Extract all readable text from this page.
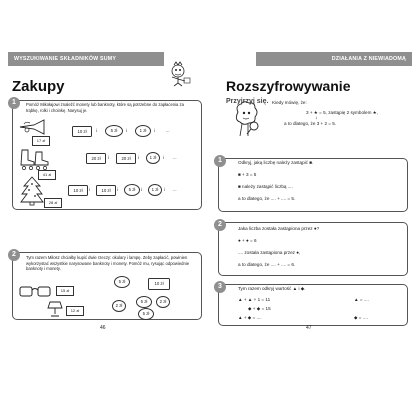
WYSZUKIWANIE SKŁADNIKÓW SUMY
Zakupy
1	Pomóż Mikołajowi znaleźć monety lub banknoty, które są potrzebne do zapłacenia za trąbkę, rolki i choinkę. Narysuj je.
17 zł
10 zł	i	5 zł	i	1 zł	i	...
41 zł
20 zł	i	20 zł	i	1 zł	i ...
28 zł
10 zł	i	10 zł	i	5 zł	i	1 zł	i ...
2	Tym razem Miłosz chciałby kupić dwie rzeczy: okulary i lampę. Zeby zapłacić, powinien wykorzystać wszystkie narysowane banknoty i monety. Pomóż mu, rysując odpowiednie banknoty i monety.
15 zł
12 zł
5 zł	10 zł
2 zł
5 zł	2 zł
5 zł
46
DZIAŁANIA Z NIEWIADOMĄ
Rozszyfrowywanie
Przyjrzyj się. Kiedy mówię, że:
3 + ★ = 5, zastąpię 2 symbolem ★,
↓
a to dlatego, że 3 + 2 = 5.
1	Odkryj, jaką liczbę należy zastąpić ■.
■ + 3 = 5
■ należy zastąpić liczbą ....
a to dlatego, że .... + .... = 5.
2
Jaka liczba została zastąpiona przez ●?
● + ● = 6
.... została zastąpiona przez ●,
a to dlatego, że .... + .... = 6.
3	Tym razem odkryj wartość ▲ i ◆.
▲ + ▲ + 1 = 11	▲ = ....
◆ + ◆ = 15
▲ + ◆ = ....	◆ = ....
47
